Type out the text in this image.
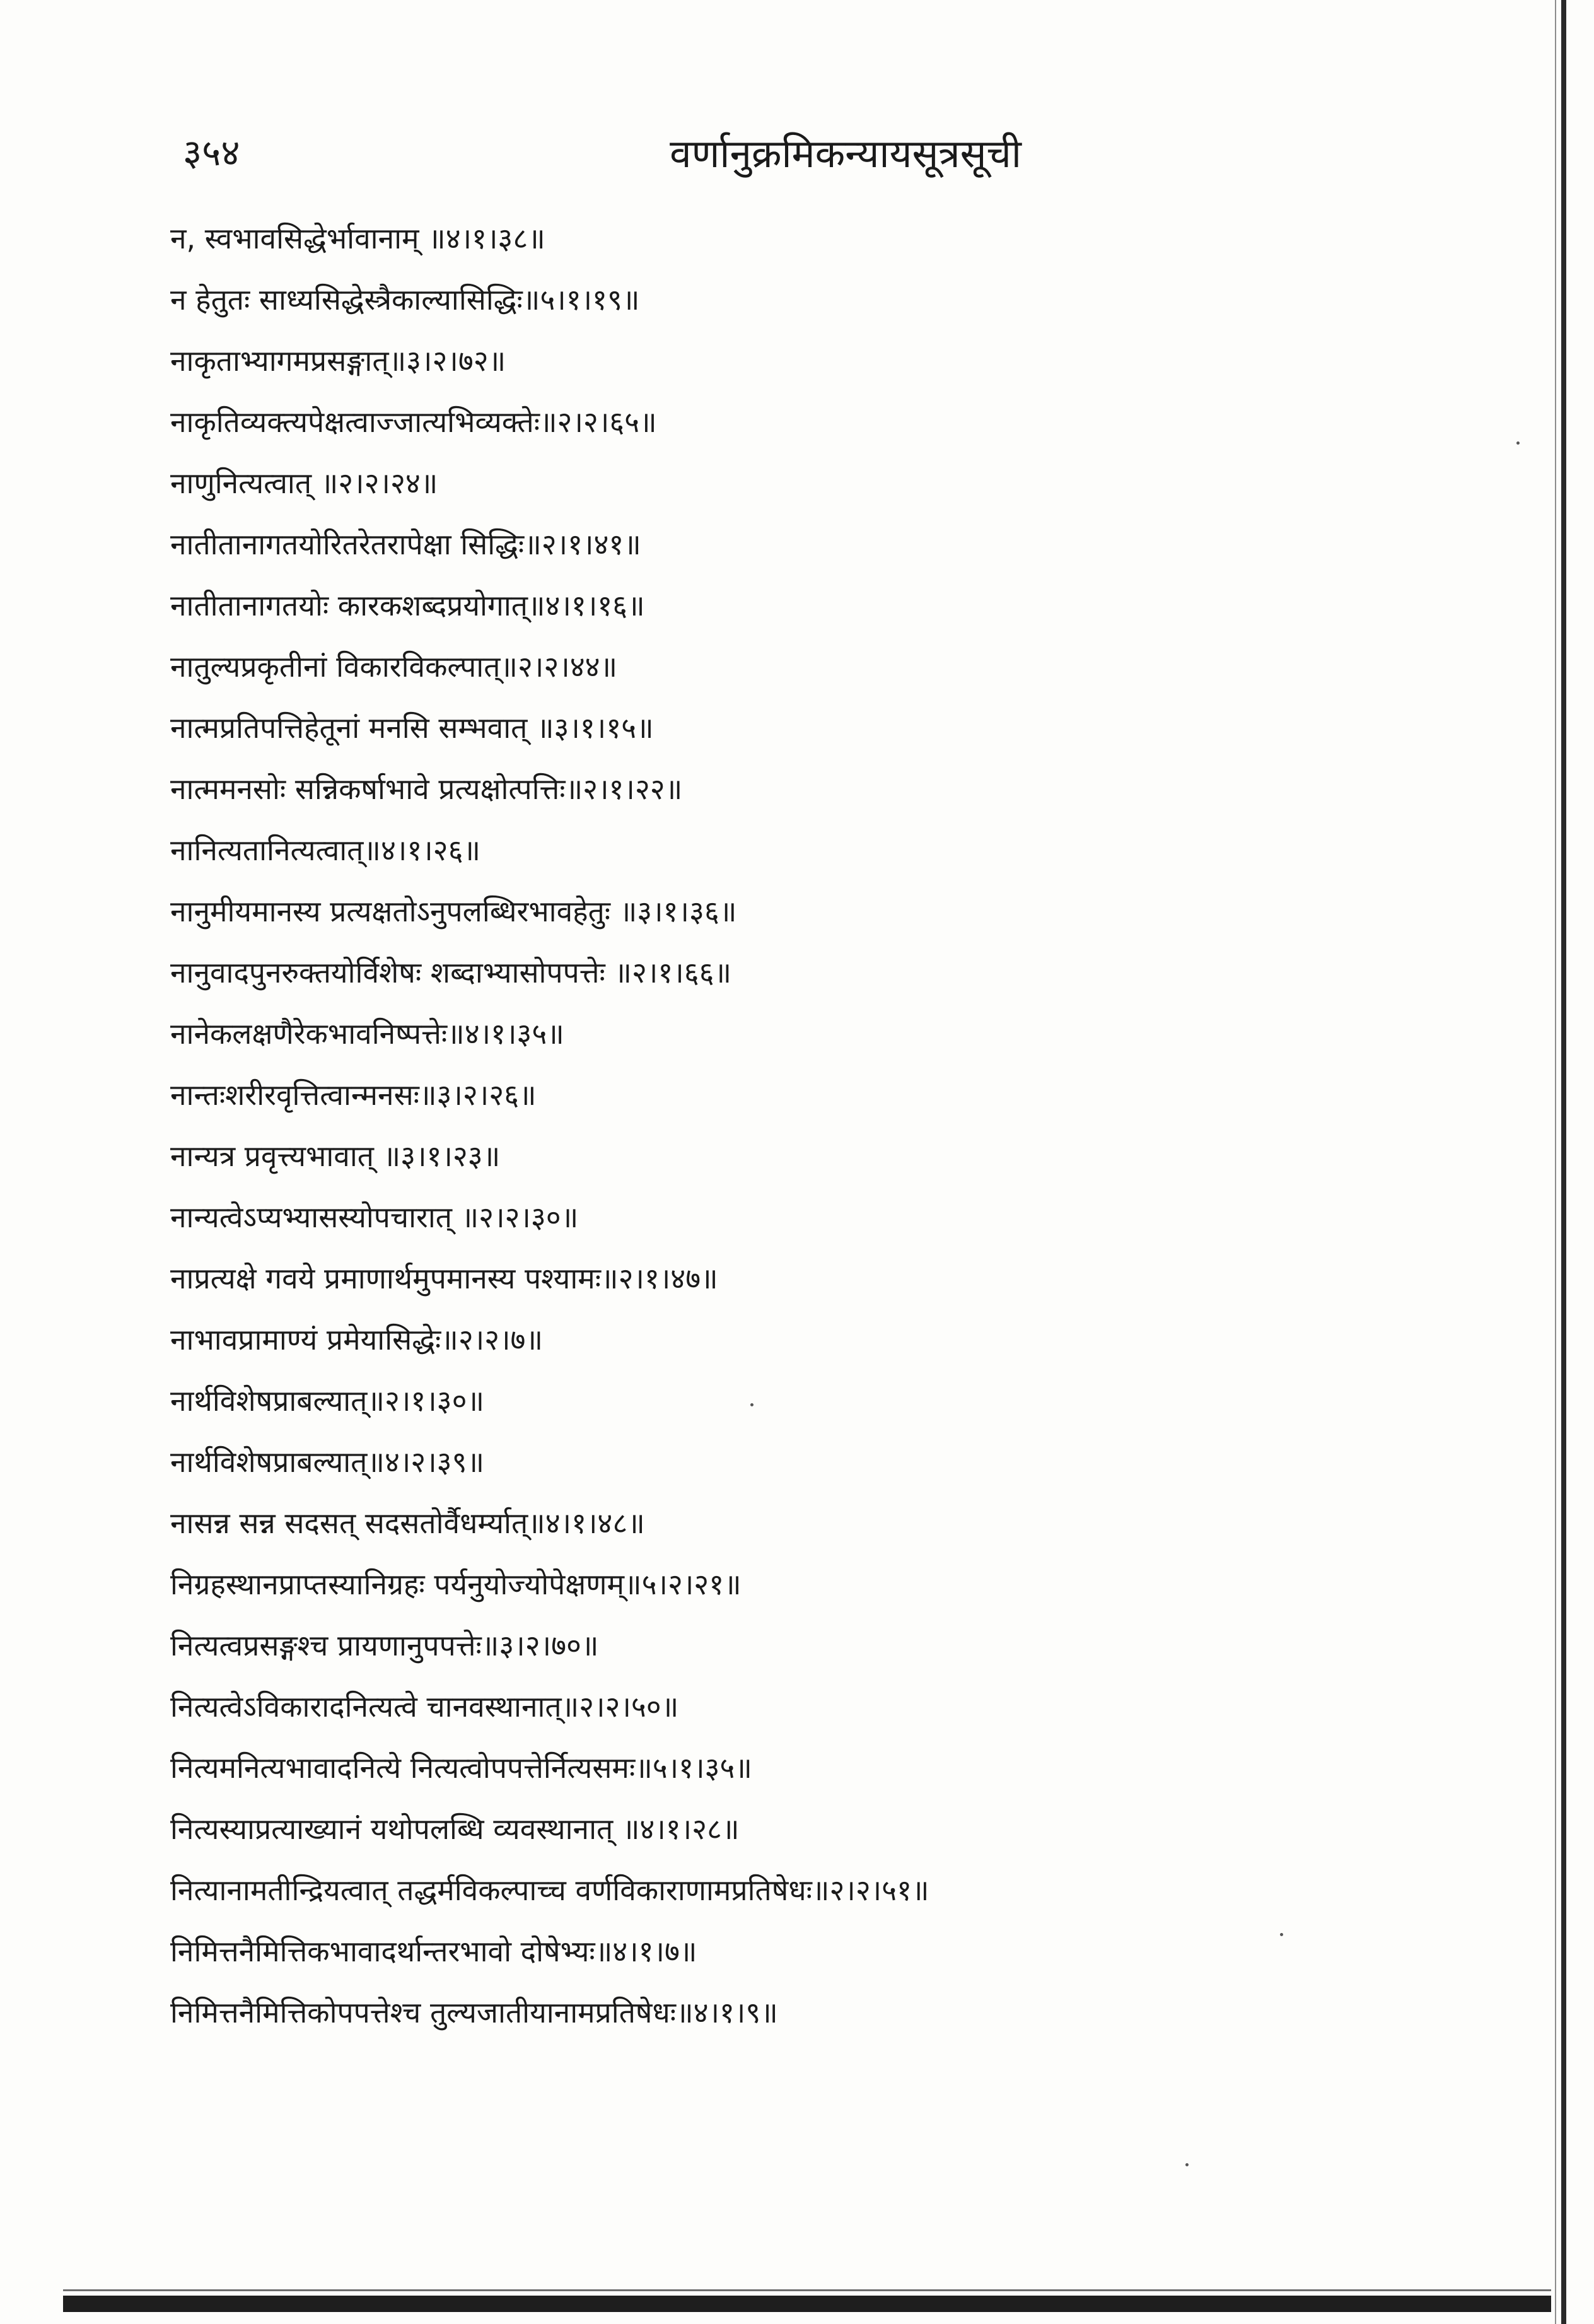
३५४	वर्णानुक्रमिकन्यायसूत्रसूची
न, स्वभावसिद्धेर्भावानाम् ॥४।१।३८॥
न हेतुतः साध्यसिद्धेस्त्रैकाल्यासिद्धिः॥५।१।१९॥
नाकृताभ्यागमप्रसङ्गात्॥३।२।७२॥
नाकृतिव्यक्त्यपेक्षत्वाज्जात्यभिव्यक्तेः॥२।२।६५॥
नाणुनित्यत्वात् ॥२।२।२४॥
नातीतानागतयोरितरेतरापेक्षा सिद्धिः॥२।१।४१॥
नातीतानागतयोः कारकशब्दप्रयोगात्॥४।१।१६॥
नातुल्यप्रकृतीनां विकारविकल्पात्॥२।२।४४॥
नात्मप्रतिपत्तिहेतूनां मनसि सम्भवात् ॥३।१।१५॥
नात्ममनसोः सन्निकर्षाभावे प्रत्यक्षोत्पत्तिः॥२।१।२२॥
नानित्यतानित्यत्वात्॥४।१।२६॥
नानुमीयमानस्य प्रत्यक्षतोऽनुपलब्धिरभावहेतुः ॥३।१।३६॥
नानुवादपुनरुक्तयोर्विशेषः शब्दाभ्यासोपपत्तेः ॥२।१।६६॥
नानेकलक्षणैरेकभावनिष्पत्तेः॥४।१।३५॥
नान्तःशरीरवृत्तित्वान्मनसः॥३।२।२६॥
नान्यत्र प्रवृत्त्यभावात् ॥३।१।२३॥
नान्यत्वेऽप्यभ्यासस्योपचारात् ॥२।२।३०॥
नाप्रत्यक्षे गवये प्रमाणार्थमुपमानस्य पश्यामः॥२।१।४७॥
नाभावप्रामाण्यं प्रमेयासिद्धेः॥२।२।७॥
नार्थविशेषप्राबल्यात्॥२।१।३०॥
नार्थविशेषप्राबल्यात्॥४।२।३९॥
नासन्न सन्न सदसत् सदसतोर्वैधर्म्यात्॥४।१।४८॥
निग्रहस्थानप्राप्तस्यानिग्रहः पर्यनुयोज्योपेक्षणम्॥५।२।२१॥
नित्यत्वप्रसङ्गश्च प्रायणानुपपत्तेः॥३।२।७०॥
नित्यत्वेऽविकारादनित्यत्वे चानवस्थानात्॥२।२।५०॥
नित्यमनित्यभावादनित्ये नित्यत्वोपपत्तेर्नित्यसमः॥५।१।३५॥
नित्यस्याप्रत्याख्यानं यथोपलब्धि व्यवस्थानात् ॥४।१।२८॥
नित्यानामतीन्द्रियत्वात् तद्धर्मविकल्पाच्च वर्णविकाराणामप्रतिषेधः॥२।२।५१॥
निमित्तनैमित्तिकभावादर्थान्तरभावो दोषेभ्यः॥४।१।७॥
निमित्तनैमित्तिकोपपत्तेश्च तुल्यजातीयानामप्रतिषेधः॥४।१।९॥
